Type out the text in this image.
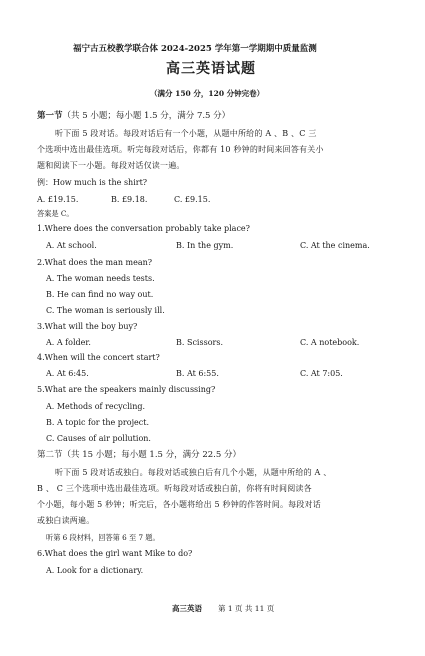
福宁古五校教学联合体 2024-2025 学年第一学期期中质量监测
高三英语试题
（满分 150 分，120 分钟完卷）
第一节（共 5 小题；每小题 1.5 分，满分 7.5 分）
听下面 5 段对话。每段对话后有一个小题，从题中所给的 A 、B 、C 三
个选项中选出最佳选项。听完每段对话后，你都有 10 秒钟的时间来回答有关小
题和阅读下一小题。每段对话仅读一遍。
例：How much is the shirt?
A. £19.15.	B. £9.18.	C. £9.15.
答案是 C。
1.Where does the conversation probably take place?
A. At school.	B. In the gym.	C. At the cinema.
2.What does the man mean?
A. The woman needs tests.
B. He can find no way out.
C. The woman is seriously ill.
3.What will the boy buy?
A. A folder.	B. Scissors.	C. A notebook.
4.When will the concert start?
A. At 6:45.	B. At 6:55.	C. At 7:05.
5.What are the speakers mainly discussing?
A. Methods of recycling.
B. A topic for the project.
C. Causes of air pollution.
第二节（共 15 小题；每小题 1.5 分，满分 22.5 分）
听下面 5 段对话或独白。每段对话或独白后有几个小题，从题中所给的 A 、
B 、 C 三个选项中选出最佳选项。听每段对话或独白前，你将有时间阅读各
个小题，每小题 5 秒钟；听完后，各小题将给出 5 秒钟的作答时间。每段对话
或独白读两遍。
听第 6 段材料，回答第 6 至 7 题。
6.What does the girl want Mike to do?
A. Look for a dictionary.
高三英语 第 1 页 共 11 页
